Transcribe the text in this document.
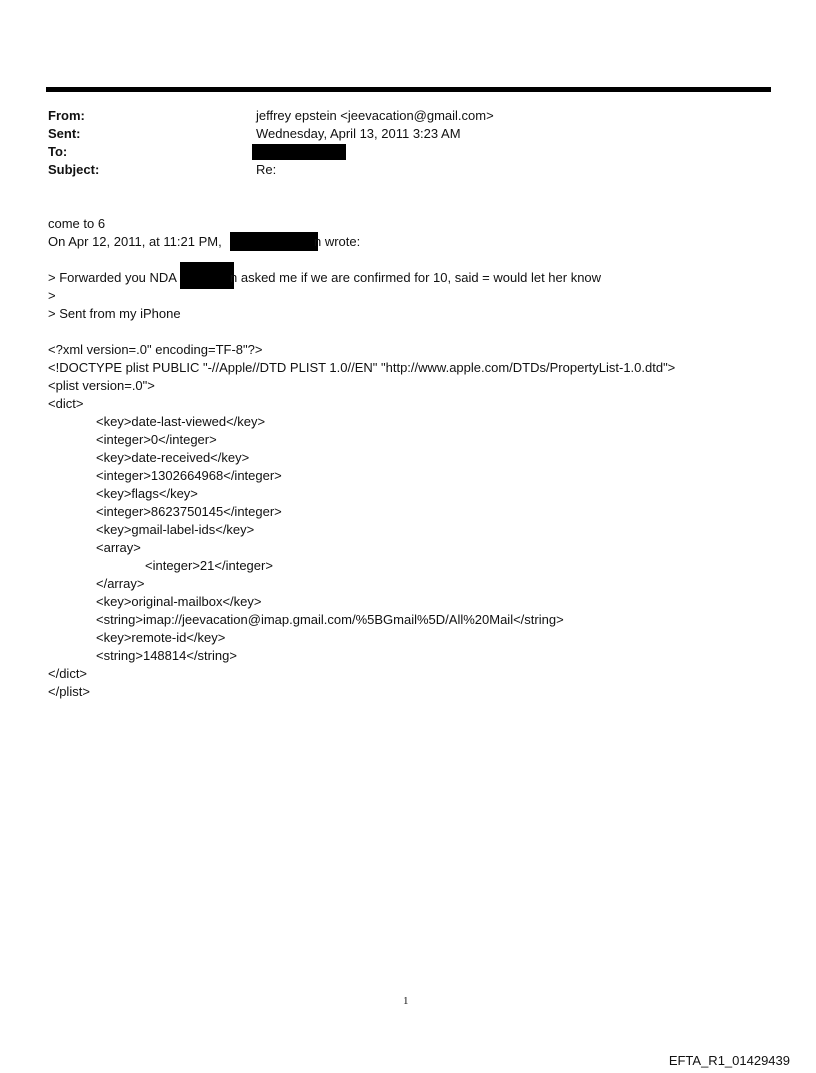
From:	jeffrey epstein <jeevacation@gmail.com>
Sent:	Wednesday, April 13, 2011 3:23 AM
To:
Subject:	Re:
come to 6
On Apr 12, 2011, at 11:21 PM,	n wrote:
> Forwarded you NDA	n asked me if we are confirmed for 10, said = would let her know
>
> Sent from my iPhone
<?xml version=.0" encoding=TF-8"?>
<!DOCTYPE plist PUBLIC "-//Apple//DTD PLIST 1.0//EN" "http://www.apple.com/DTDs/PropertyList-1.0.dtd">
<plist version=.0">
<dict>
<key>date-last-viewed</key>
<integer>0</integer>
<key>date-received</key>
<integer>1302664968</integer>
<key>flags</key>
<integer>8623750145</integer>
<key>gmail-label-ids</key>
<array>
<integer>21</integer>
</array>
<key>original-mailbox</key>
<string>imap://jeevacation@imap.gmail.com/%5BGmail%5D/All%20Mail</string>
<key>remote-id</key>
<string>148814</string>
</dict>
</plist>
1
EFTA_R1_01429439
